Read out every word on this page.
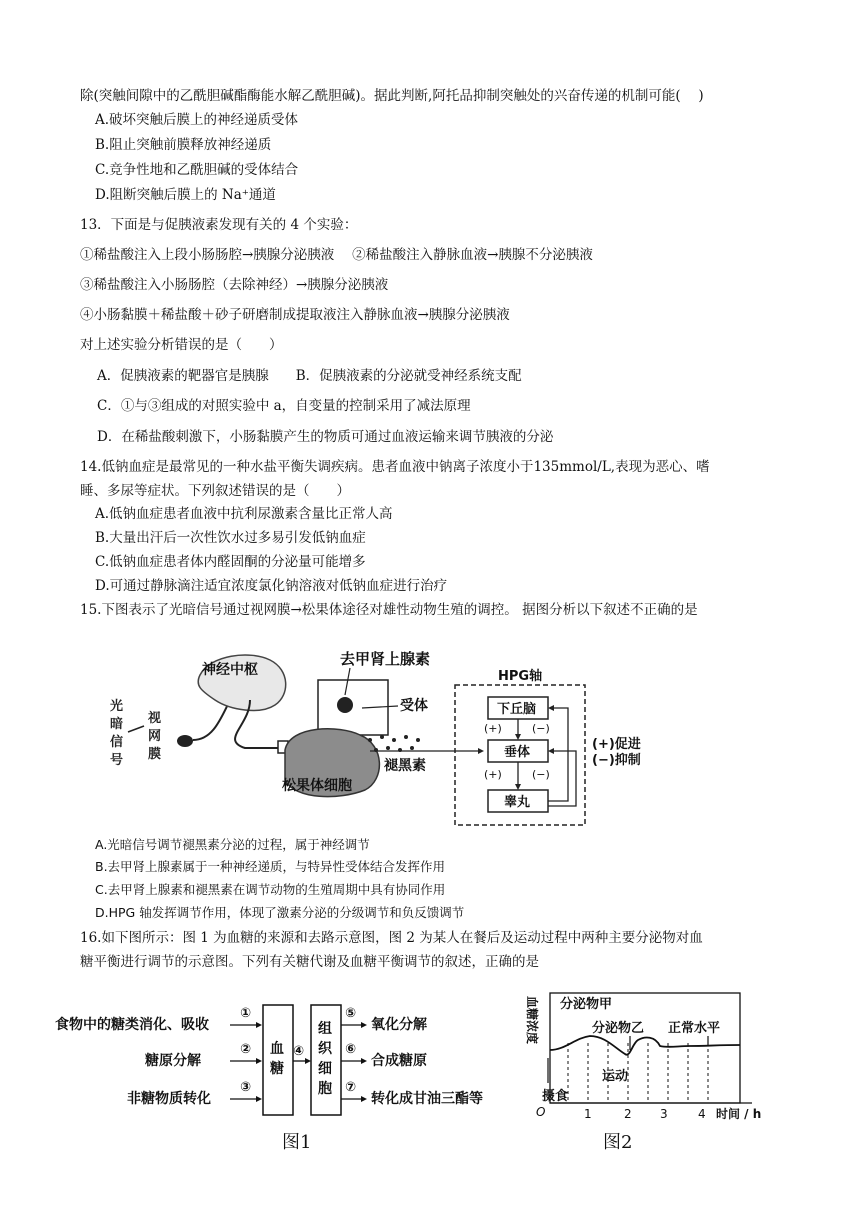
除(突触间隙中的乙酰胆碱酯酶能水解乙酰胆碱)。据此判断,阿托品抑制突触处的兴奋传递的机制可能(　 )
A.破坏突触后膜上的神经递质受体
B.阻止突触前膜释放神经递质
C.竞争性地和乙酰胆碱的受体结合
D.阻断突触后膜上的 Na⁺通道
13．下面是与促胰液素发现有关的 4 个实验：
①稀盐酸注入上段小肠肠腔→胰腺分泌胰液　 ②稀盐酸注入静脉血液→胰腺不分泌胰液
③稀盐酸注入小肠肠腔（去除神经）→胰腺分泌胰液
④小肠黏膜＋稀盐酸＋砂子研磨制成提取液注入静脉血液→胰腺分泌胰液
对上述实验分析错误的是（　　）
A．促胰液素的靶器官是胰腺　　B．促胰液素的分泌就受神经系统支配
C．①与③组成的对照实验中 a，自变量的控制采用了减法原理
D．在稀盐酸刺激下，小肠黏膜产生的物质可通过血液运输来调节胰液的分泌
14.低钠血症是最常见的一种水盐平衡失调疾病。患者血液中钠离子浓度小于135mmol/L,表现为恶心、嗜
睡、多尿等症状。下列叙述错误的是（　　）
A.低钠血症患者血液中抗利尿激素含量比正常人高
B.大量出汗后一次性饮水过多易引发低钠血症
C.低钠血症患者体内醛固酮的分泌量可能增多
D.可通过静脉滴注适宜浓度氯化钠溶液对低钠血症进行治疗
15.下图表示了光暗信号通过视网膜→松果体途径对雄性动物生殖的调控。 据图分析以下叙述不正确的是
光
暗
信
号
视
网
膜
神经中枢
去甲肾上腺素
受体
松果体细胞
褪黑素
HPG轴
下丘脑
垂体
睾丸
(+)
(+)
(−)
(−)
(+)促进
(−)抑制
A.光暗信号调节褪黑素分泌的过程，属于神经调节
B.去甲肾上腺素属于一种神经递质，与特异性受体结合发挥作用
C.去甲肾上腺素和褪黑素在调节动物的生殖周期中具有协同作用
D.HPG 轴发挥调节作用，体现了激素分泌的分级调节和负反馈调节
16.如下图所示：图 1 为血糖的来源和去路示意图，图 2 为某人在餐后及运动过程中两种主要分泌物对血
糖平衡进行调节的示意图。下列有关糖代谢及血糖平衡调节的叙述，正确的是
食物中的糖类消化、吸收
糖原分解
非糖物质转化
①
②
③
血
糖
④
组
织
细
胞
⑤
⑥
⑦
氧化分解
合成糖原
转化成甘油三酯等
图1
血糖浓度
O
分泌物甲
分泌物乙 正常水平
摄食
运动
1	2 3	4 时间 / h
图2
